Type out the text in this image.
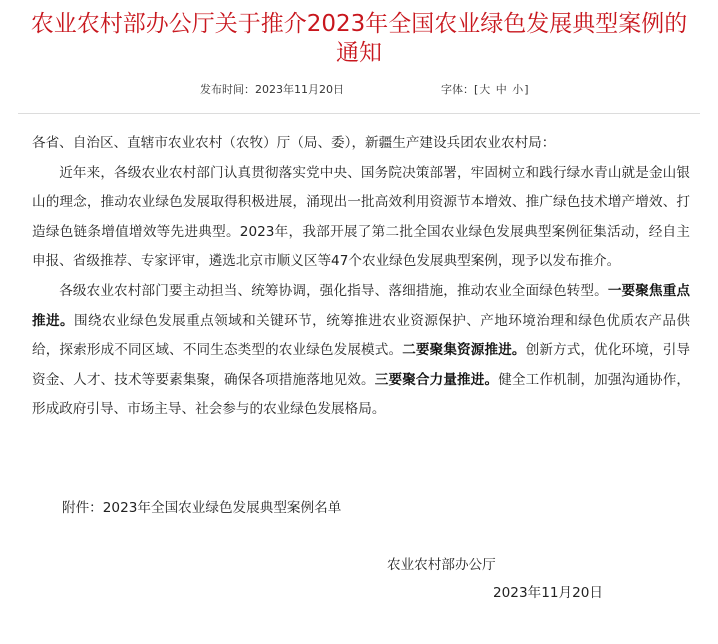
农业农村部办公厅关于推介2023年全国农业绿色发展典型案例的通知
发布时间：2023年11月20日	字体：[大 中 小]

各省、自治区、直辖市农业农村（农牧）厅（局、委），新疆生产建设兵团农业农村局：

近年来，各级农业农村部门认真贯彻落实党中央、国务院决策部署，牢固树立和践行绿水青山就是金山银山的理念，推动农业绿色发展取得积极进展，涌现出一批高效利用资源节本增效、推广绿色技术增产增效、打造绿色链条增值增效等先进典型。2023年，我部开展了第二批全国农业绿色发展典型案例征集活动，经自主申报、省级推荐、专家评审，遴选北京市顺义区等47个农业绿色发展典型案例，现予以发布推介。

各级农业农村部门要主动担当、统筹协调，强化指导、落细措施，推动农业全面绿色转型。一要聚焦重点推进。围绕农业绿色发展重点领域和关键环节，统筹推进农业资源保护、产地环境治理和绿色优质农产品供给，探索形成不同区域、不同生态类型的农业绿色发展模式。二要聚集资源推进。创新方式，优化环境，引导资金、人才、技术等要素集聚，确保各项措施落地见效。三要聚合力量推进。健全工作机制，加强沟通协作，形成政府引导、市场主导、社会参与的农业绿色发展格局。

附件：2023年全国农业绿色发展典型案例名单
农业农村部办公厅
2023年11月20日
